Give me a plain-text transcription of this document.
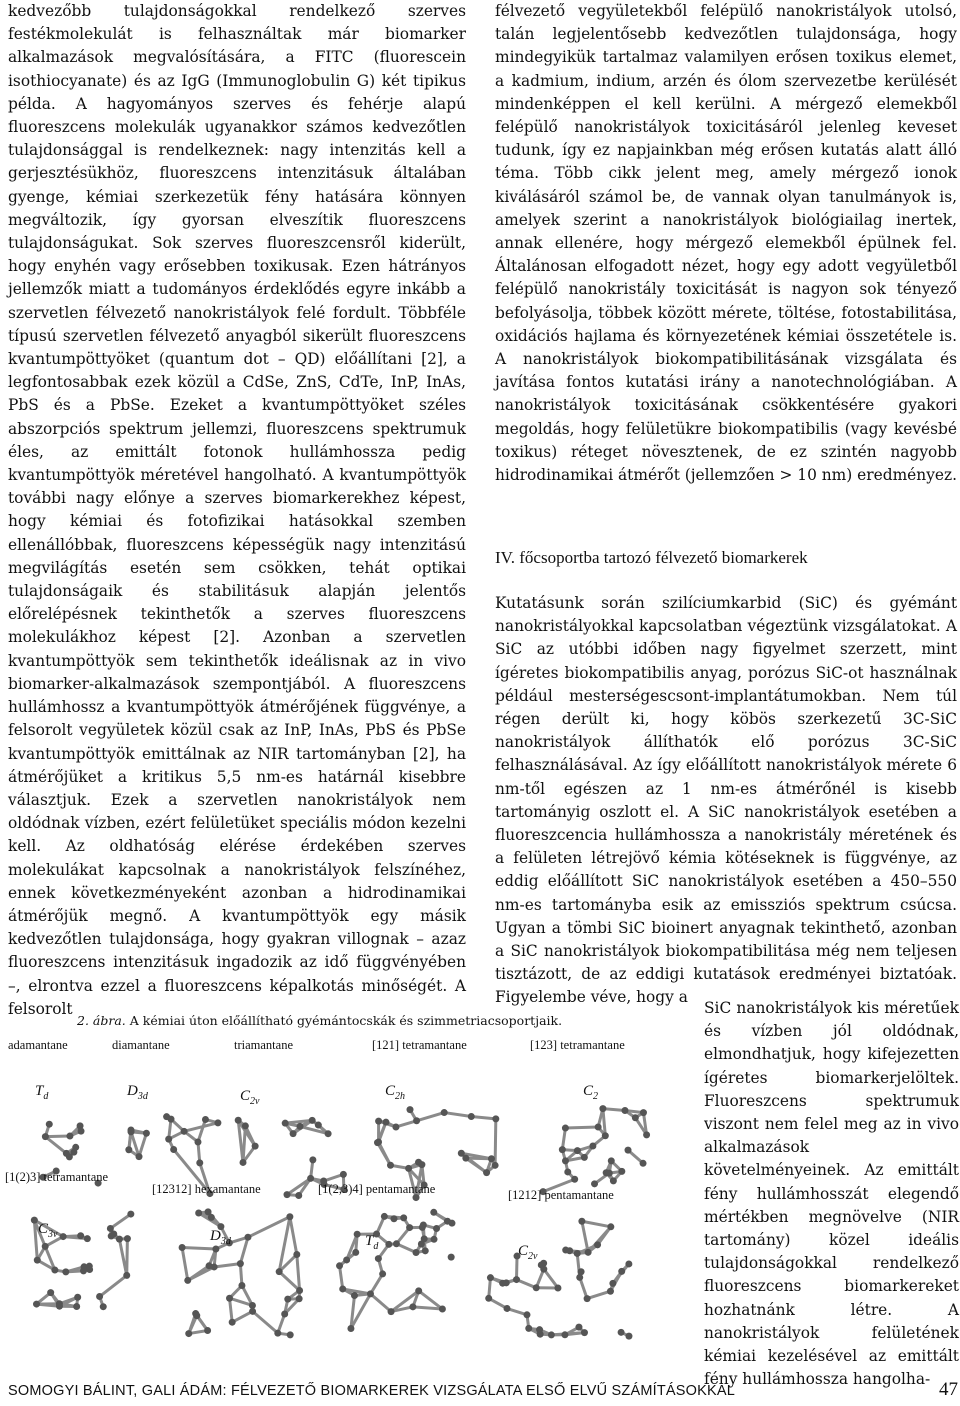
kedvezőbb tulajdonságokkal rendelkező szerves festékmolekulát is felhasználtak már biomarker alkalmazások megvalósítására, a FITC (fluorescein isothiocyanate) és az IgG (Immunoglobulin G) két tipikus példa. A hagyományos szerves és fehérje alapú fluoreszcens molekulák ugyanakkor számos kedvezőtlen tulajdonsággal is rendelkeznek: nagy intenzitás kell a gerjesztésükhöz, fluoreszcens intenzitásuk általában gyenge, kémiai szerkezetük fény hatására könnyen megváltozik, így gyorsan elveszítik fluoreszcens tulajdonságukat. Sok szerves fluoreszcensről kiderült, hogy enyhén vagy erősebben toxikusak. Ezen hátrányos jellemzők miatt a tudományos érdeklődés egyre inkább a szervetlen félvezető nanokristályok felé fordult. Többféle típusú szervetlen félvezető anyagból sikerült fluoreszcens kvantumpöttyöket (quantum dot – QD) előállítani [2], a legfontosabbak ezek közül a CdSe, ZnS, CdTe, InP, InAs, PbS és a PbSe. Ezeket a kvantumpöttyöket széles abszorpciós spektrum jellemzi, fluoreszcens spektrumuk éles, az emittált fotonok hullámhossza pedig kvantumpöttyök méretével hangolható. A kvantumpöttyök további nagy előnye a szerves biomarkerekhez képest, hogy kémiai és fotofizikai hatásokkal szemben ellenállóbbak, fluoreszcens képességük nagy intenzitású megvilágítás esetén sem csökken, tehát optikai tulajdonságaik és stabilitásuk alapján jelentős előrelépésnek tekinthetők a szerves fluoreszcens molekulákhoz képest [2]. Azonban a szervetlen kvantumpöttyök sem tekinthetők ideálisnak az in vivo biomarker-alkalmazások szempontjából. A fluoreszcens hullámhossz a kvantumpöttyök átmérőjének függvénye, a felsorolt vegyületek közül csak az InP, InAs, PbS és PbSe kvantumpöttyök emittálnak az NIR tartományban [2], ha átmérőjüket a kritikus 5,5 nm-es határnál kisebbre választjuk. Ezek a szervetlen nanokristályok nem oldódnak vízben, ezért felületüket speciális módon kezelni kell. Az oldhatóság elérése érdekében szerves molekulákat kapcsolnak a nanokristályok felszínéhez, ennek következményeként azonban a hidrodinamikai átmérőjük megnő. A kvantumpöttyök egy másik kedvezőtlen tulajdonsága, hogy gyakran villognak – azaz fluoreszcens intenzitásuk ingadozik az idő függvényében –, elrontva ezzel a fluoreszcens képalkotás minőségét. A felsorolt

félvezető vegyületekből felépülő nanokristályok utolsó, talán legjelentősebb kedvezőtlen tulajdonsága, hogy mindegyikük tartalmaz valamilyen erősen toxikus elemet, a kadmium, indium, arzén és ólom szervezetbe kerülését mindenképpen el kell kerülni. A mérgező elemekből felépülő nanokristályok toxicitásáról jelenleg keveset tudunk, így ez napjainkban még erősen kutatás alatt álló téma. Több cikk jelent meg, amely mérgező ionok kiválásáról számol be, de vannak olyan tanulmányok is, amelyek szerint a nanokristályok biológiailag inertek, annak ellenére, hogy mérgező elemekből épülnek fel. Általánosan elfogadott nézet, hogy egy adott vegyületből felépülő nanokristály toxicitását is nagyon sok tényező befolyásolja, többek között mérete, töltése, fotostabilitása, oxidációs hajlama és környezetének kémiai összetétele is. A nanokristályok biokompatibilitásának vizsgálata és javítása fontos kutatási irány a nanotechnológiában. A nanokristályok toxicitásának csökkentésére gyakori megoldás, hogy felületükre biokompatibilis (vagy kevésbé toxikus) réteget növesztenek, de ez szintén nagyobb hidrodinamikai átmérőt (jellemzően > 10 nm) eredményez.

IV. főcsoportba tartozó félvezető biomarkerek

Kutatásunk során szilíciumkarbid (SiC) és gyémánt nanokristályokkal kapcsolatban végeztünk vizsgálatokat. A SiC az utóbbi időben nagy figyelmet szerzett, mint ígéretes biokompatibilis anyag, porózus SiC-ot használnak például mesterségescsont-implantátumokban. Nem túl régen derült ki, hogy köbös szerkezetű 3C-SiC nanokristályok állíthatók elő porózus 3C-SiC felhasználásával. Az így előállított nanokristályok mérete 6 nm-től egészen az 1 nm-es átmérőnél is kisebb tartományig oszlott el. A SiC nanokristályok esetében a fluoreszcencia hullámhossza a nanokristály méretének és a felületen létrejövő kémia kötéseknek is függvénye, az eddig előállított SiC nanokristályok esetében a 450–550 nm-es tartományba esik az emissziós spektrum csúcsa. Ugyan a tömbi SiC bioinert anyagnak tekinthető, azonban a SiC nanokristályok biokompatibilitása még nem teljesen tisztázott, de az eddigi kutatások eredményei biztatóak. Figyelembe véve, hogy a

SiC nanokristályok kis méretűek és vízben jól oldódnak, elmondhatjuk, hogy kifejezetten ígéretes biomarkerjelöltek. Fluoreszcens spektrumuk viszont nem felel meg az in vivo alkalmazások követelményeinek. Az emittált fény hullámhosszát elegendő mértékben megnövelve (NIR tartomány) közel ideális tulajdonságokkal rendelkező fluoreszcens biomarkereket hozhatnánk létre. A nanokristályok felületének kémiai kezelésével az emittált fény hullámhossza hangolha-

2. ábra. A kémiai úton előállítható gyémántocskák és szimmetriacsoportjaik.
adamantane
$T_d$
diamantane
$D_{3d}$
triamantane
$C_{2v}$
[121] tetramantane
$C_{2h}$
[123] tetramantane
$C_2$
[1(2)3] tetramantane
$C_{3v}$
[12312] hexamantane
$D_{3d}$
[1(2,3)4] pentamantane
$T_d$
[1212] pentamantane
$C_{2v}$
SOMOGYI BÁLINT, GALI ÁDÁM: FÉLVEZETŐ BIOMARKEREK VIZSGÁLATA ELSŐ ELVŰ SZÁMÍTÁSOKKAL	47
